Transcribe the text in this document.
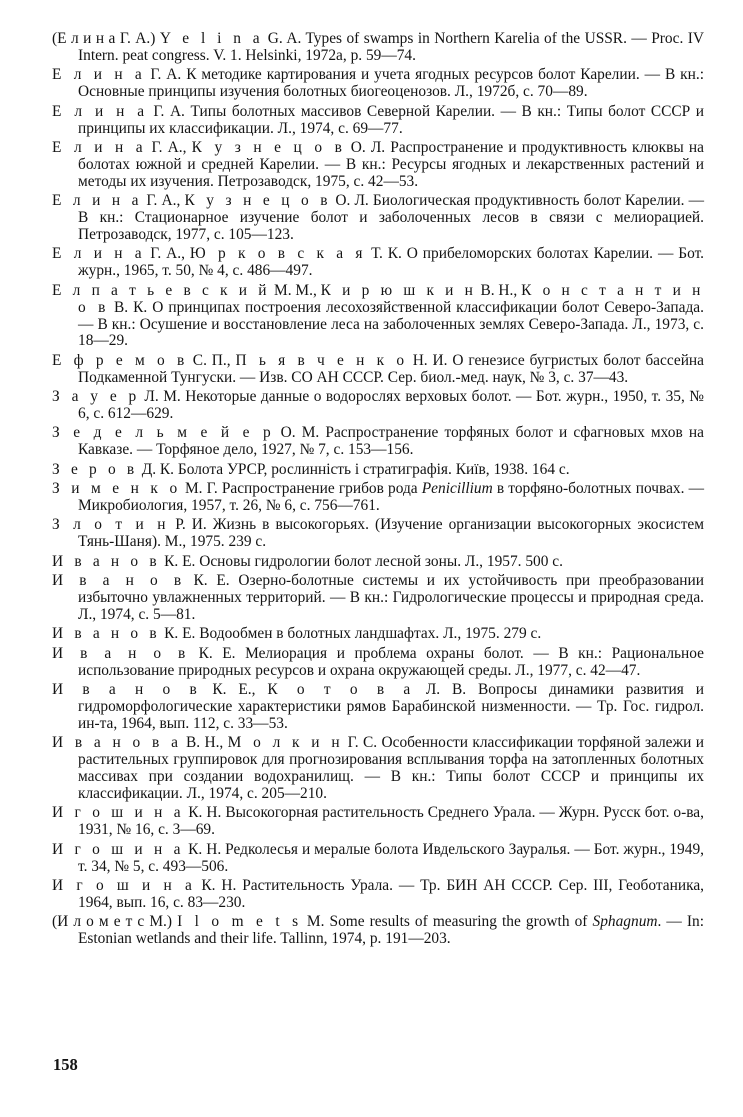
(Е л и н а Г. А.) Y e l i n a G. A. Types of swamps in Northern Karelia of the USSR. — Proc. IV Intern. peat congress. V. 1. Helsinki, 1972а, p. 59—74.
Е л и н а Г. А. К методике картирования и учета ягодных ресурсов болот Карелии. — В кн.: Основные принципы изучения болотных биогеоценозов. Л., 1972б, с. 70—89.
Е л и н а Г. А. Типы болотных массивов Северной Карелии. — В кн.: Типы болот СССР и принципы их классификации. Л., 1974, с. 69—77.
Е л и н а Г. А., К у з н е ц о в О. Л. Распространение и продуктивность клюквы на болотах южной и средней Карелии. — В кн.: Ресурсы ягодных и лекарственных растений и методы их изучения. Петрозаводск, 1975, с. 42—53.
Е л и н а Г. А., К у з н е ц о в О. Л. Биологическая продуктивность болот Карелии. — В кн.: Стационарное изучение болот и заболоченных лесов в связи с мелиорацией. Петрозаводск, 1977, с. 105—123.
Е л и н а Г. А., Ю р к о в с к а я Т. К. О прибеломорских болотах Карелии. — Бот. журн., 1965, т. 50, № 4, с. 486—497.
Е л п а т ь е в с к и й М. М., К и р ю ш к и н В. Н., К о н с т а н т и н о в В. К. О принципах построения лесохозяйственной классификации болот Северо-Запада. — В кн.: Осушение и восстановление леса на заболоченных землях Северо-Запада. Л., 1973, с. 18—29.
Е ф р е м о в С. П., П ь я в ч е н к о Н. И. О генезисе бугристых болот бассейна Подкаменной Тунгуски. — Изв. СО АН СССР. Сер. биол.-мед. наук, № 3, с. 37—43.
З а у е р Л. М. Некоторые данные о водорослях верховых болот. — Бот. журн., 1950, т. 35, № 6, с. 612—629.
З е д е л ь м е й е р О. М. Распространение торфяных болот и сфагновых мхов на Кавказе. — Торфяное дело, 1927, № 7, с. 153—156.
З е р о в Д. К. Болота УРСР, рослинність і стратиграфія. Київ, 1938. 164 с.
З и м е н к о М. Г. Распространение грибов рода Penicillium в торфяно-болотных почвах. — Микробиология, 1957, т. 26, № 6, с. 756—761.
З л о т и н Р. И. Жизнь в высокогорьях. (Изучение организации высокогорных экосистем Тянь-Шаня). М., 1975. 239 с.
И в а н о в К. Е. Основы гидрологии болот лесной зоны. Л., 1957. 500 с.
И в а н о в К. Е. Озерно-болотные системы и их устойчивость при преобразовании избыточно увлажненных территорий. — В кн.: Гидрологические процессы и природная среда. Л., 1974, с. 5—81.
И в а н о в К. Е. Водообмен в болотных ландшафтах. Л., 1975. 279 с.
И в а н о в К. Е. Мелиорация и проблема охраны болот. — В кн.: Рациональное использование природных ресурсов и охрана окружающей среды. Л., 1977, с. 42—47.
И в а н о в К. Е., К о т о в а Л. В. Вопросы динамики развития и гидроморфологические характеристики рямов Барабинской низменности. — Тр. Гос. гидрол. ин-та, 1964, вып. 112, с. 33—53.
И в а н о в а В. Н., М о л к и н Г. С. Особенности классификации торфяной залежи и растительных группировок для прогнозирования всплывания торфа на затопленных болотных массивах при создании водохранилищ. — В кн.: Типы болот СССР и принципы их классификации. Л., 1974, с. 205—210.
И г о ш и н а К. Н. Высокогорная растительность Среднего Урала. — Журн. Русск бот. о-ва, 1931, № 16, с. 3—69.
И г о ш и н а К. Н. Редколесья и мералые болота Ивдельского Зауралья. — Бот. журн., 1949, т. 34, № 5, с. 493—506.
И г о ш и н а К. Н. Растительность Урала. — Тр. БИН АН СССР. Сер. III, Геоботаника, 1964, вып. 16, с. 83—230.
(И л о м е т с М.) I l o m e t s M. Some results of measuring the growth of Sphagnum. — In: Estonian wetlands and their life. Tallinn, 1974, p. 191—203.
158
